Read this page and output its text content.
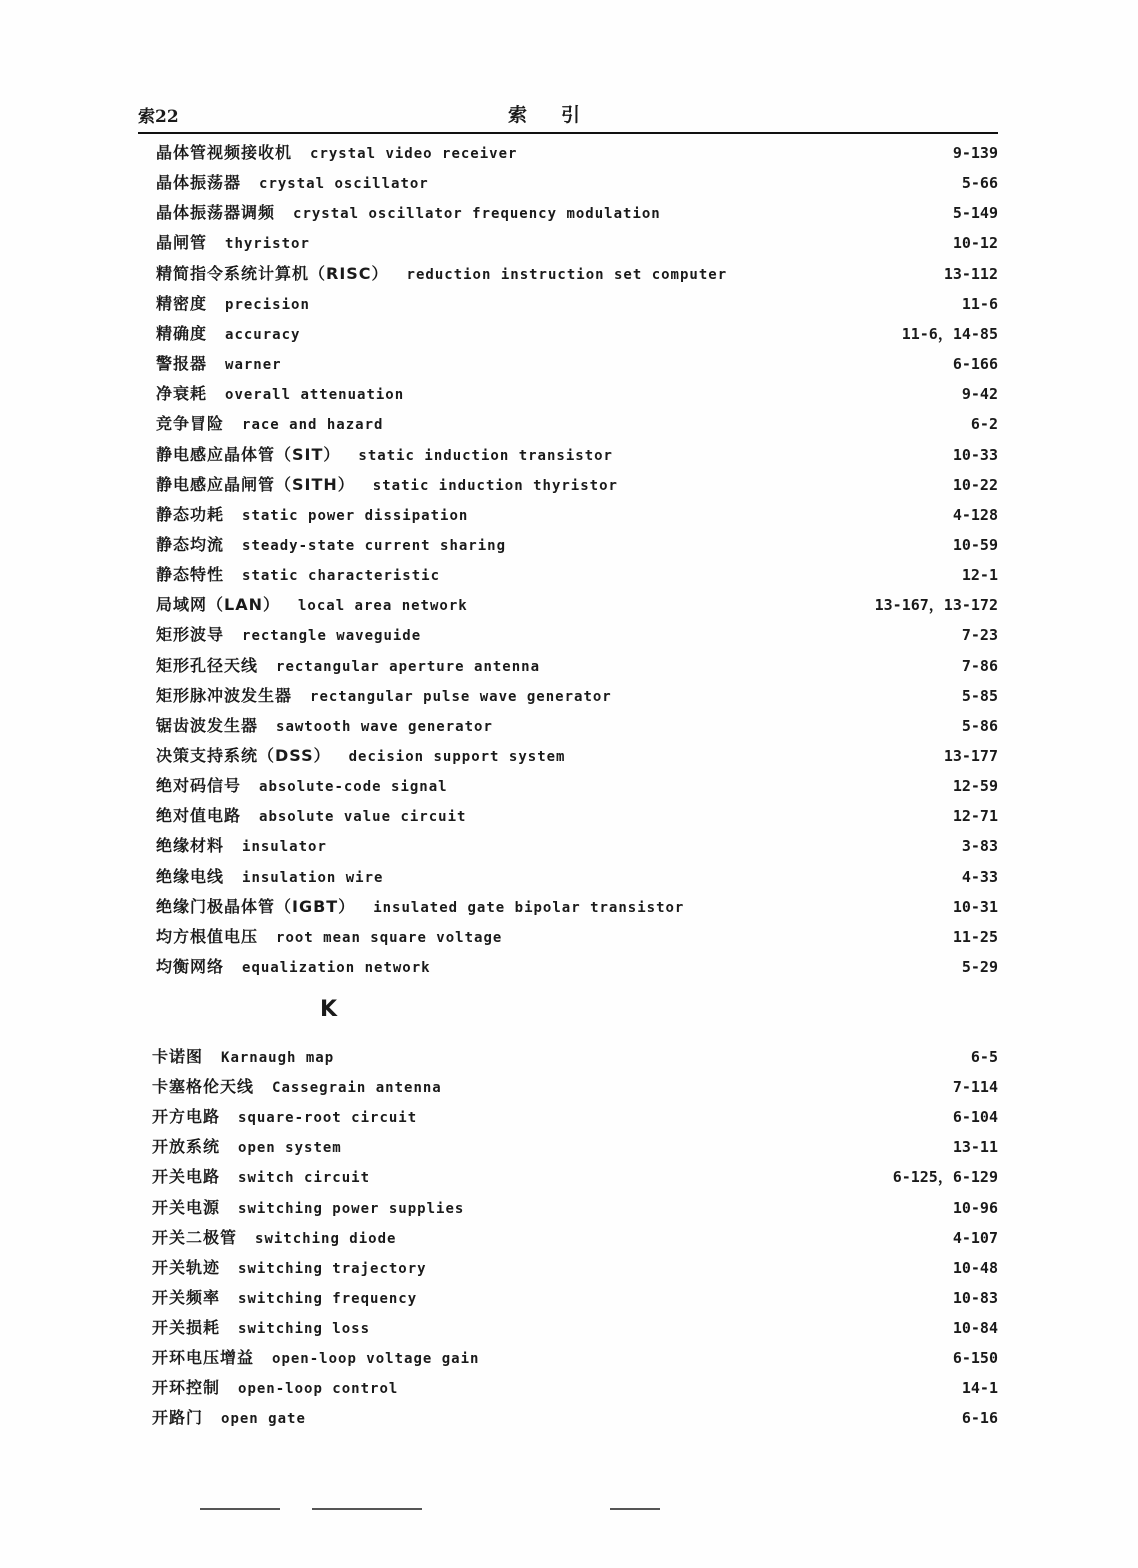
索22	索引
晶体管视频接收机 crystal video receiver	9-139
晶体振荡器 crystal oscillator	5-66
晶体振荡器调频 crystal oscillator frequency modulation	5-149
晶闸管 thyristor	10-12
精简指令系统计算机（RISC） reduction instruction set computer	13-112
精密度 precision	11-6
精确度 accuracy	11-6，14-85
警报器 warner	6-166
净衰耗 overall attenuation	9-42
竞争冒险 race and hazard	6-2
静电感应晶体管（SIT） static induction transistor	10-33
静电感应晶闸管（SITH） static induction thyristor	10-22
静态功耗 static power dissipation	4-128
静态均流 steady-state current sharing	10-59
静态特性 static characteristic	12-1
局域网（LAN） local area network	13-167，13-172
矩形波导 rectangle waveguide	7-23
矩形孔径天线 rectangular aperture antenna	7-86
矩形脉冲波发生器 rectangular pulse wave generator	5-85
锯齿波发生器 sawtooth wave generator	5-86
决策支持系统（DSS） decision support system	13-177
绝对码信号 absolute-code signal	12-59
绝对值电路 absolute value circuit	12-71
绝缘材料 insulator	3-83
绝缘电线 insulation wire	4-33
绝缘门极晶体管（IGBT） insulated gate bipolar transistor	10-31
均方根值电压 root mean square voltage	11-25
均衡网络 equalization network	5-29
卡诺图 Karnaugh map	6-5
卡塞格伦天线 Cassegrain antenna	7-114
开方电路 square-root circuit	6-104
开放系统 open system	13-11
开关电路 switch circuit	6-125，6-129
开关电源 switching power supplies	10-96
开关二极管 switching diode	4-107
开关轨迹 switching trajectory	10-48
开关频率 switching frequency	10-83
开关损耗 switching loss	10-84
开环电压增益 open-loop voltage gain	6-150
开环控制 open-loop control	14-1
开路门 open gate	6-16
K
